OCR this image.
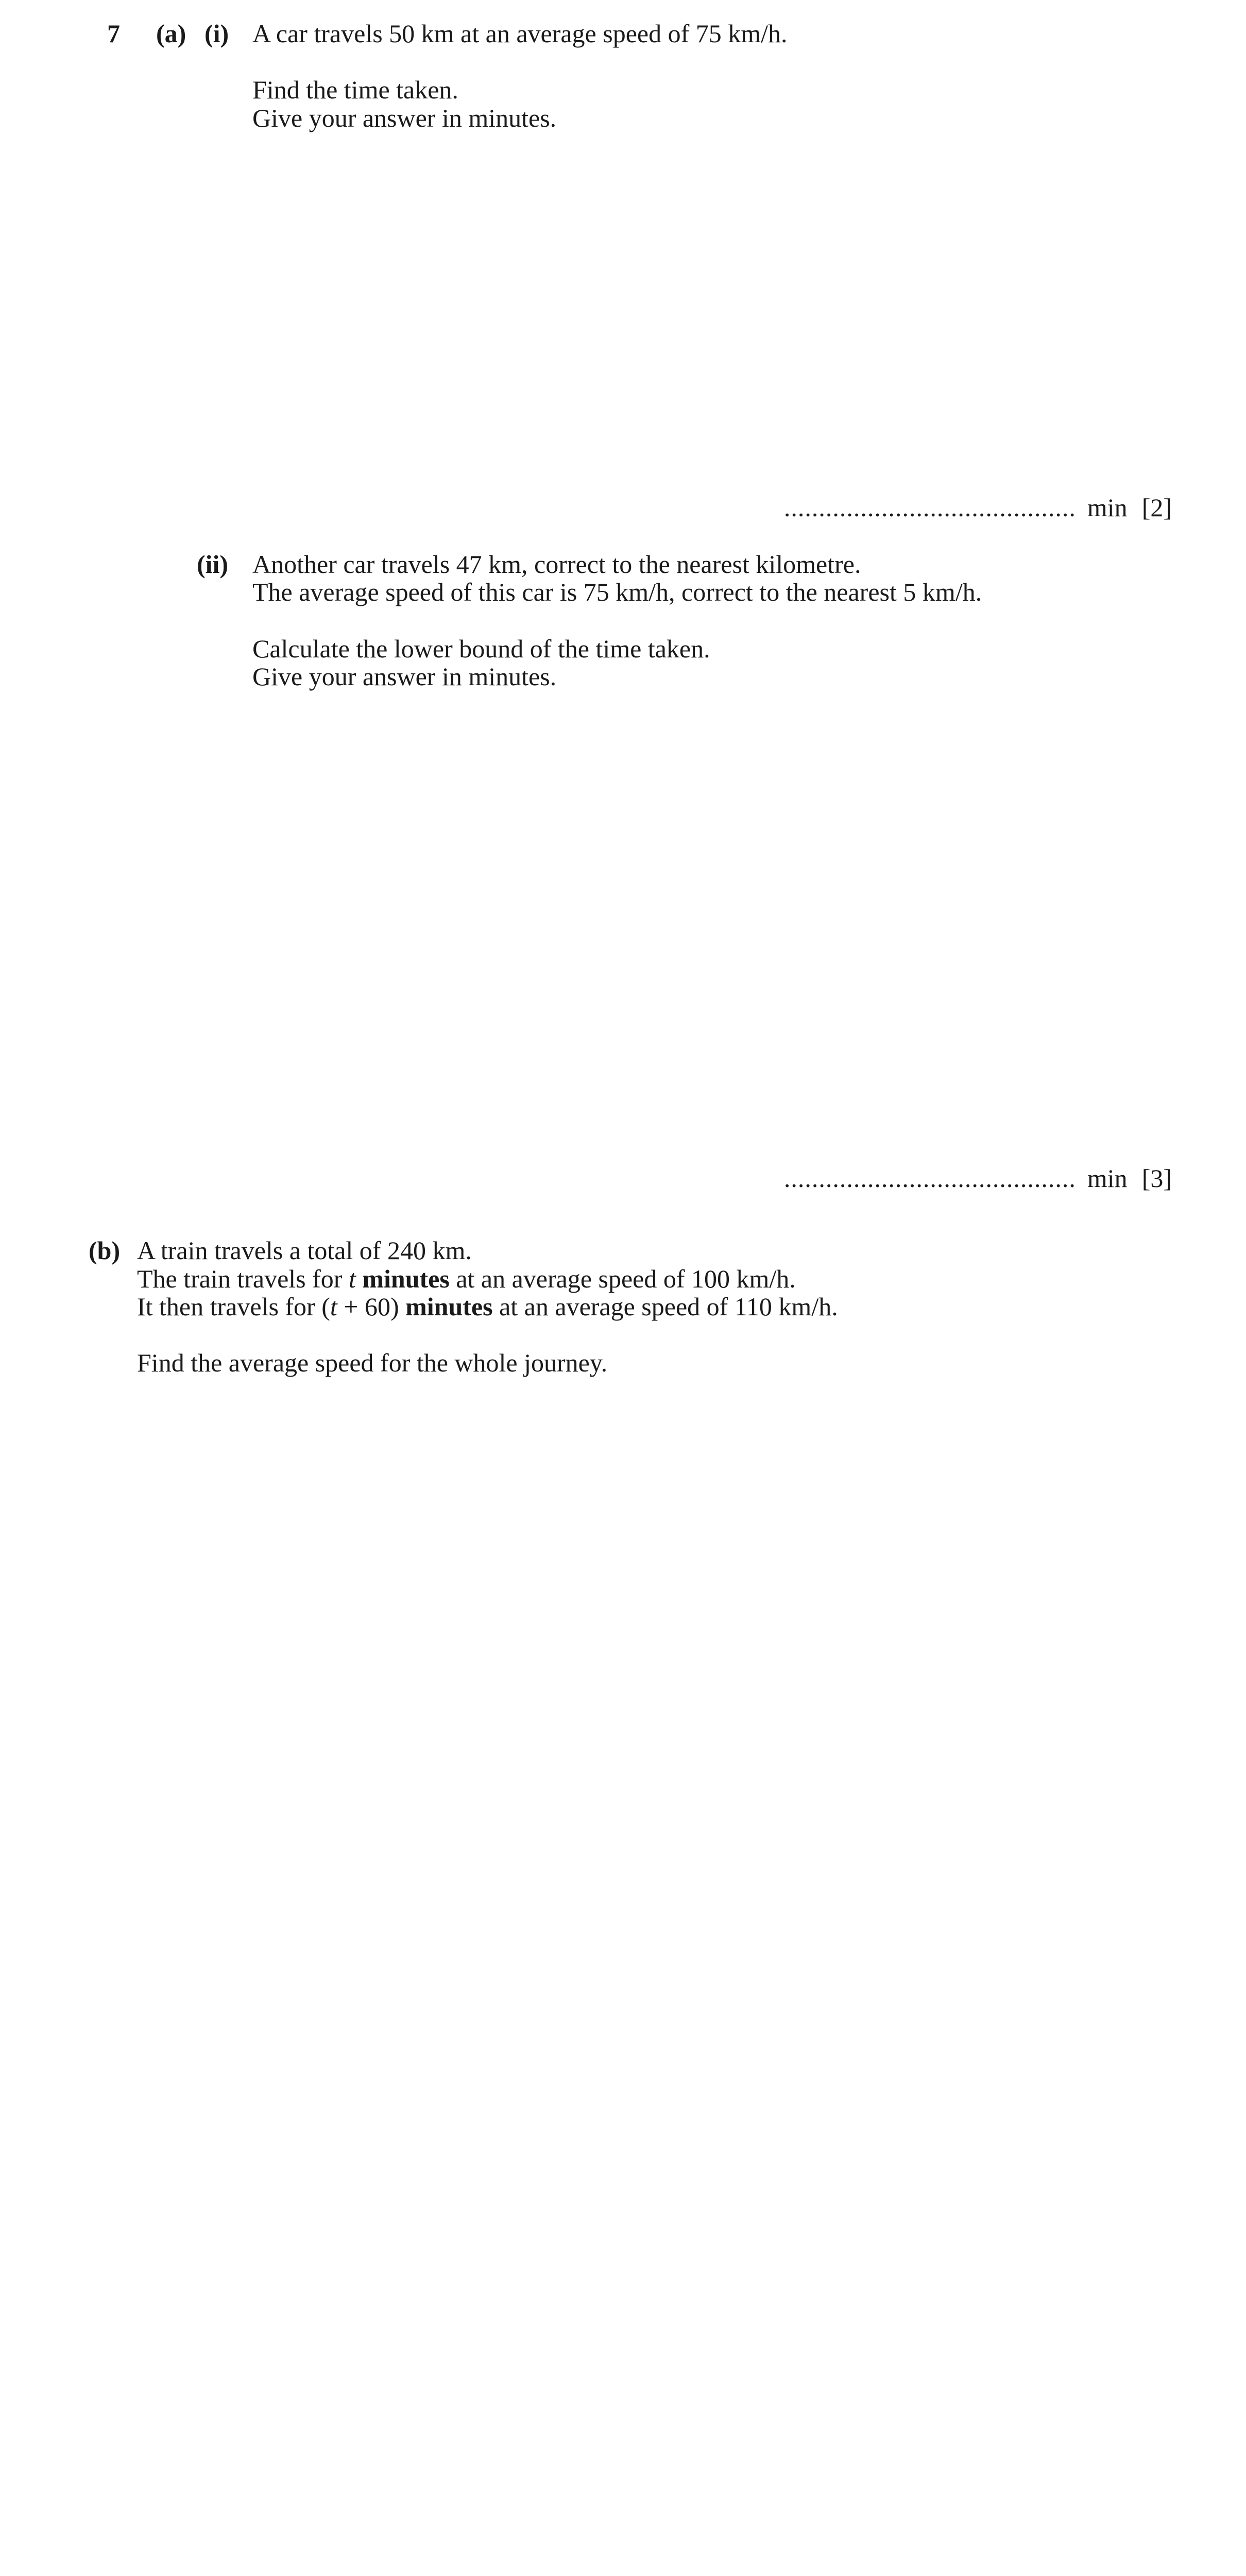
7 (a) (i) A car travels 50 km at an average speed of 75 km/h.
Find the time taken.
Give your answer in minutes.
.......................................... min [2]
(ii) Another car travels 47 km, correct to the nearest kilometre.
The average speed of this car is 75 km/h, correct to the nearest 5 km/h.
Calculate the lower bound of the time taken.
Give your answer in minutes.
.......................................... min [3]
(b) A train travels a total of 240 km.
The train travels for t minutes at an average speed of 100 km/h.
It then travels for (t + 60) minutes at an average speed of 110 km/h.
Find the average speed for the whole journey.
